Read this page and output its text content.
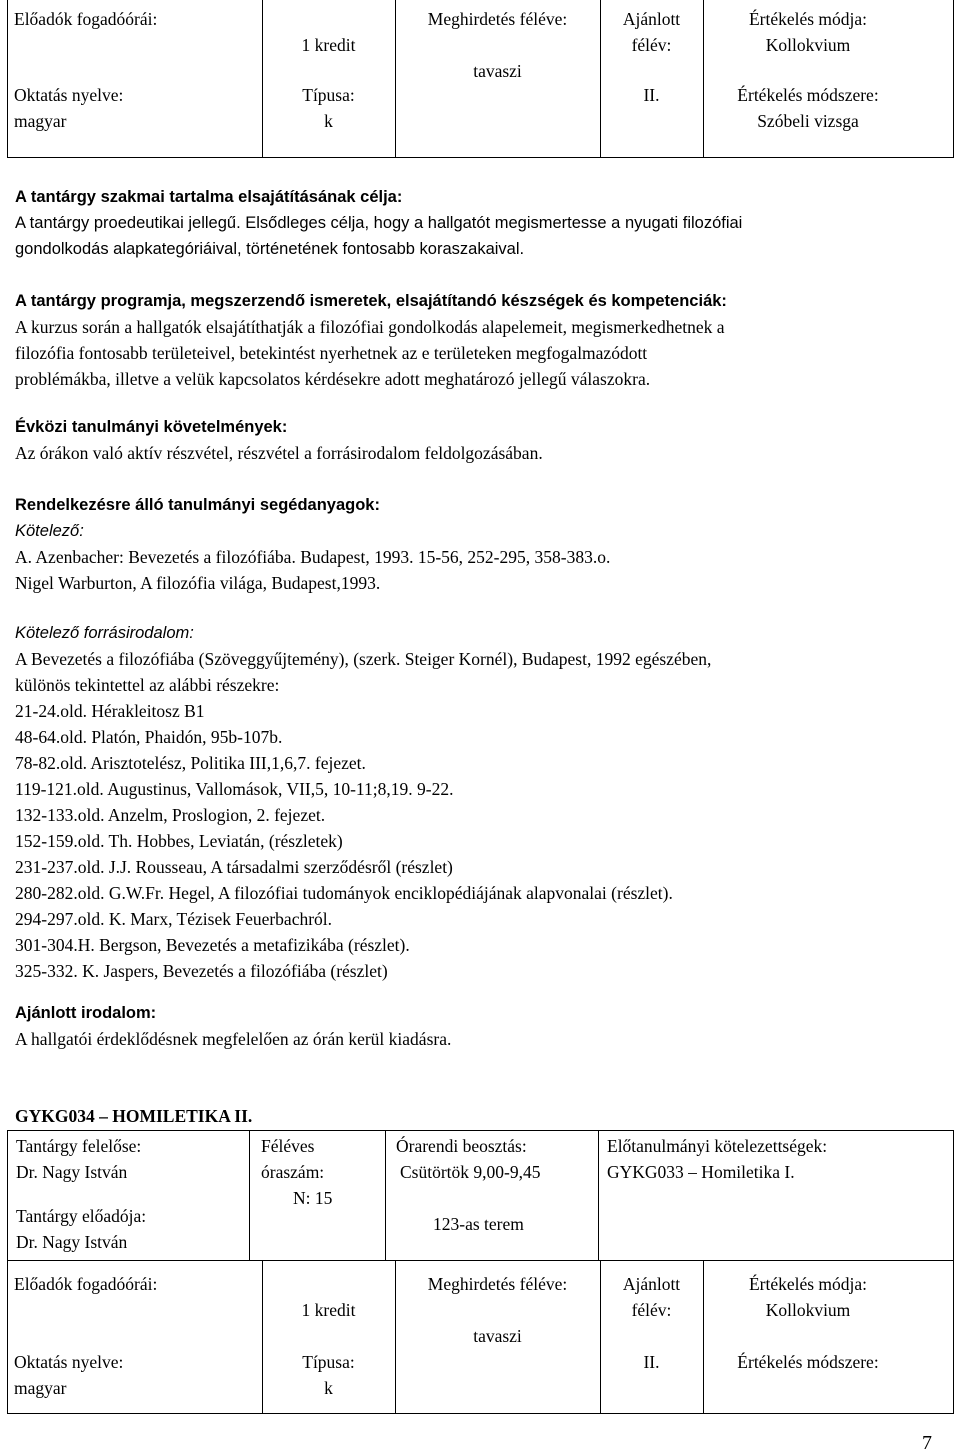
Előadók fogadóórái:
1 kredit
Meghirdetés féléve:
tavaszi
Ajánlott
félév:
II.
Értékelés módja:
Kollokvium
Oktatás nyelve:
magyar
Típusa:
k
Értékelés módszere:
Szóbeli vizsga
A tantárgy szakmai tartalma elsajátításának célja:
A tantárgy proedeutikai jellegű. Elsődleges célja, hogy a hallgatót megismertesse a nyugati filozófiai
gondolkodás alapkategóriáival, történetének fontosabb koraszakaival.
A tantárgy programja, megszerzendő ismeretek, elsajátítandó készségek és kompetenciák:
A kurzus során a hallgatók elsajátíthatják a filozófiai gondolkodás alapelemeit, megismerkedhetnek a
filozófia fontosabb területeivel, betekintést nyerhetnek az e területeken megfogalmazódott
problémákba, illetve a velük kapcsolatos kérdésekre adott meghatározó jellegű válaszokra.
Évközi tanulmányi követelmények:
Az órákon való aktív részvétel, részvétel a forrásirodalom feldolgozásában.
Rendelkezésre álló tanulmányi segédanyagok:
Kötelező:
A. Azenbacher: Bevezetés a filozófiába. Budapest, 1993. 15-56, 252-295, 358-383.o.
Nigel Warburton, A filozófia világa, Budapest,1993.
Kötelező forrásirodalom:
A Bevezetés a filozófiába (Szöveggyűjtemény), (szerk. Steiger Kornél), Budapest, 1992 egészében,
különös tekintettel az alábbi részekre:
21-24.old. Hérakleitosz B1
48-64.old. Platón, Phaidón, 95b-107b.
78-82.old. Arisztotelész, Politika III,1,6,7. fejezet.
119-121.old. Augustinus, Vallomások, VII,5, 10-11;8,19. 9-22.
132-133.old. Anzelm, Proslogion, 2. fejezet.
152-159.old. Th. Hobbes, Leviatán, (részletek)
231-237.old. J.J. Rousseau, A társadalmi szerződésről (részlet)
280-282.old. G.W.Fr. Hegel, A filozófiai tudományok enciklopédiájának alapvonalai (részlet).
294-297.old. K. Marx, Tézisek Feuerbachról.
301-304.H. Bergson, Bevezetés a metafizikába (részlet).
325-332. K. Jaspers, Bevezetés a filozófiába (részlet)
Ajánlott irodalom:
A hallgatói érdeklődésnek megfelelően az órán kerül kiadásra.
GYKG034 – HOMILETIKA II.
Tantárgy felelőse:
Dr. Nagy István
Tantárgy előadója:
Dr. Nagy István
Féléves
óraszám:
N: 15
Órarendi beosztás:
Csütörtök 9,00-9,45
123-as terem
Előtanulmányi kötelezettségek:
GYKG033 – Homiletika I.
Előadók fogadóórái:
1 kredit
Meghirdetés féléve:
tavaszi
Ajánlott
félév:
II.
Értékelés módja:
Kollokvium
Oktatás nyelve:
magyar
Típusa:
k
Értékelés módszere:
7
